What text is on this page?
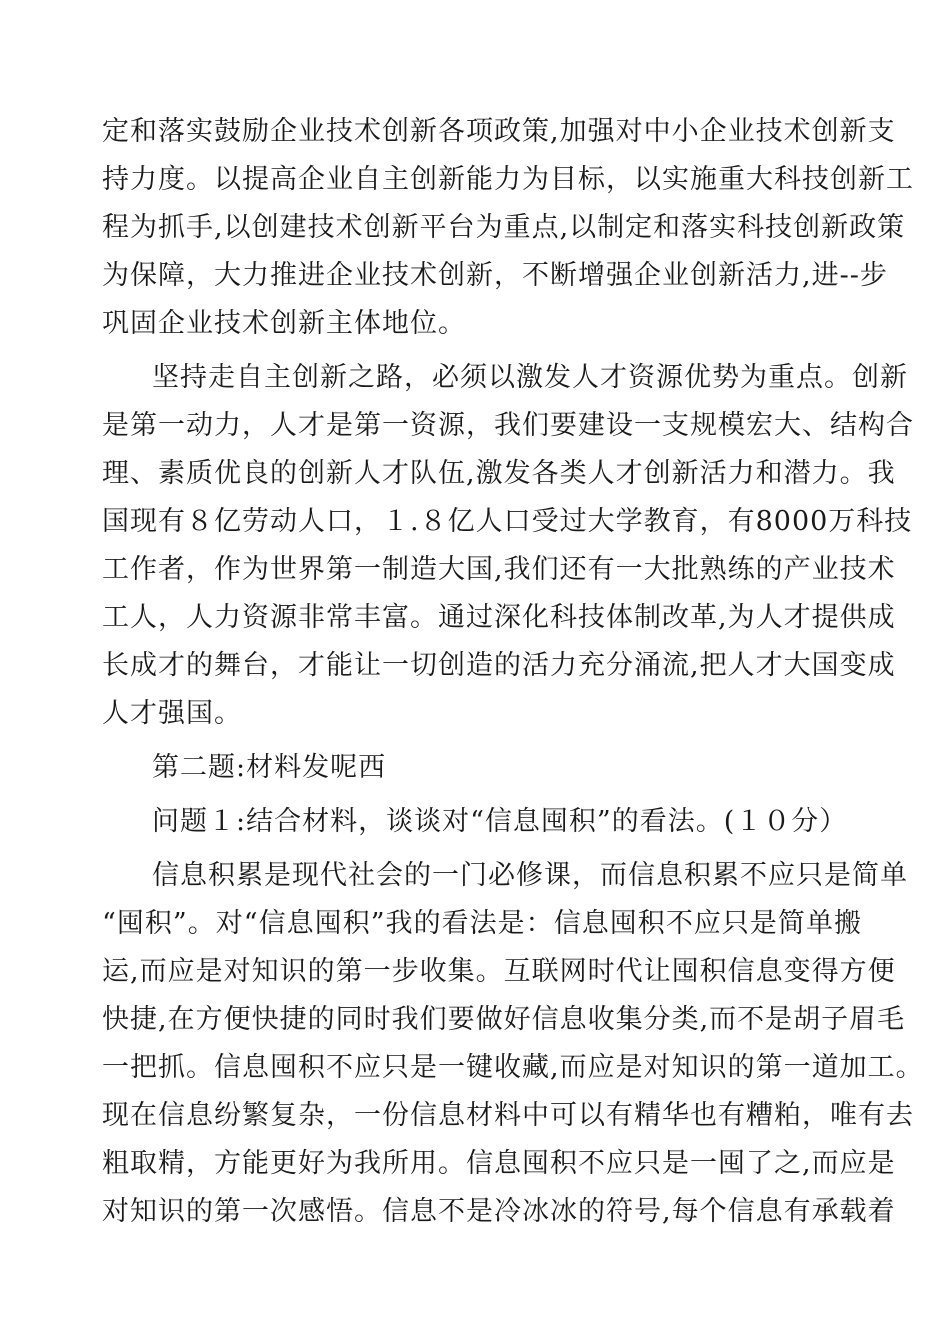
定和落实鼓励企业技术创新各项政策,加强对中小企业技术创新支
持力度。以提高企业自主创新能力为目标，以实施重大科技创新工
程为抓手,以创建技术创新平台为重点,以制定和落实科技创新政策
为保障，大力推进企业技术创新，不断增强企业创新活力,进--步
巩固企业技术创新主体地位。
坚持走自主创新之路，必须以激发人才资源优势为重点。创新
是第一动力，人才是第一资源，我们要建设一支规模宏大、结构合
理、素质优良的创新人才队伍,激发各类人才创新活力和潜力。我
国现有８亿劳动人口，１.８亿人口受过大学教育，有8000万科技
工作者，作为世界第一制造大国,我们还有一大批熟练的产业技术
工人，人力资源非常丰富。通过深化科技体制改革,为人才提供成
长成才的舞台，才能让一切创造的活力充分涌流,把人才大国变成
人才强国。
第二题:材料发呢西
问题１:结合材料，谈谈对“信息囤积”的看法。(１０分）
信息积累是现代社会的一门必修课，而信息积累不应只是简单
“囤积”。对“信息囤积”我的看法是：信息囤积不应只是简单搬
运,而应是对知识的第一步收集。互联网时代让囤积信息变得方便
快捷,在方便快捷的同时我们要做好信息收集分类,而不是胡子眉毛
一把抓。信息囤积不应只是一键收藏,而应是对知识的第一道加工。
现在信息纷繁复杂，一份信息材料中可以有精华也有糟粕，唯有去
粗取精，方能更好为我所用。信息囤积不应只是一囤了之,而应是
对知识的第一次感悟。信息不是冷冰冰的符号,每个信息有承载着
